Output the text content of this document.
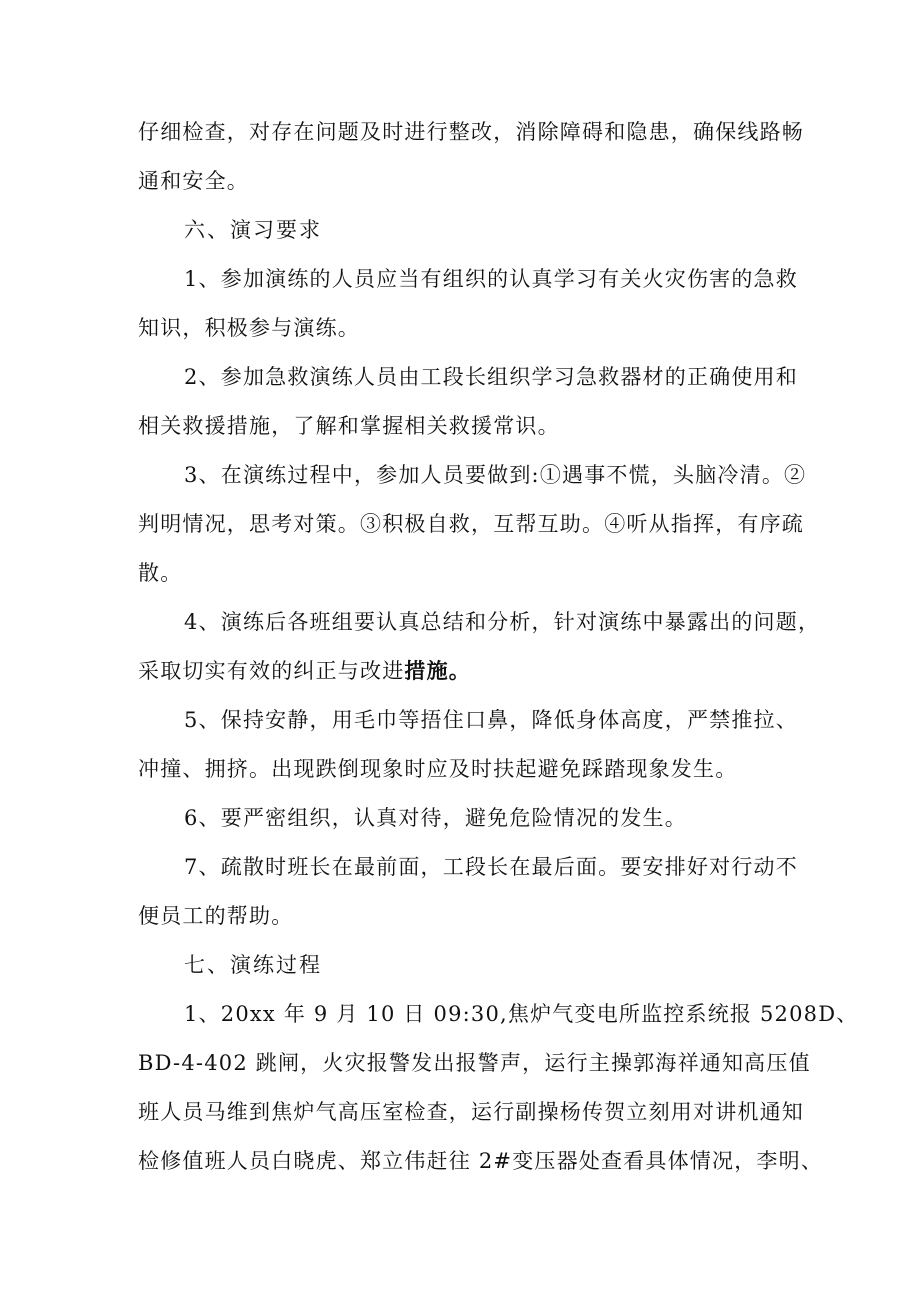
仔细检查，对存在问题及时进行整改，消除障碍和隐患，确保线路畅
通和安全。
六、演习要求
1、参加演练的人员应当有组织的认真学习有关火灾伤害的急救
知识，积极参与演练。
2、参加急救演练人员由工段长组织学习急救器材的正确使用和
相关救援措施，了解和掌握相关救援常识。
3、在演练过程中，参加人员要做到:①遇事不慌，头脑冷清。②
判明情况，思考对策。③积极自救，互帮互助。④听从指挥，有序疏
散。
4、演练后各班组要认真总结和分析，针对演练中暴露出的问题，
采取切实有效的纠正与改进措施。
5、保持安静，用毛巾等捂住口鼻，降低身体高度，严禁推拉、
冲撞、拥挤。出现跌倒现象时应及时扶起避免踩踏现象发生。
6、要严密组织，认真对待，避免危险情况的发生。
7、疏散时班长在最前面，工段长在最后面。要安排好对行动不
便员工的帮助。
七、演练过程
1、20xx 年 9 月 10 日 09:30,焦炉气变电所监控系统报 5208D、
BD-4-402 跳闸，火灾报警发出报警声，运行主操郭海祥通知高压值
班人员马维到焦炉气高压室检查，运行副操杨传贺立刻用对讲机通知
检修值班人员白晓虎、郑立伟赶往 2#变压器处查看具体情况，李明、
